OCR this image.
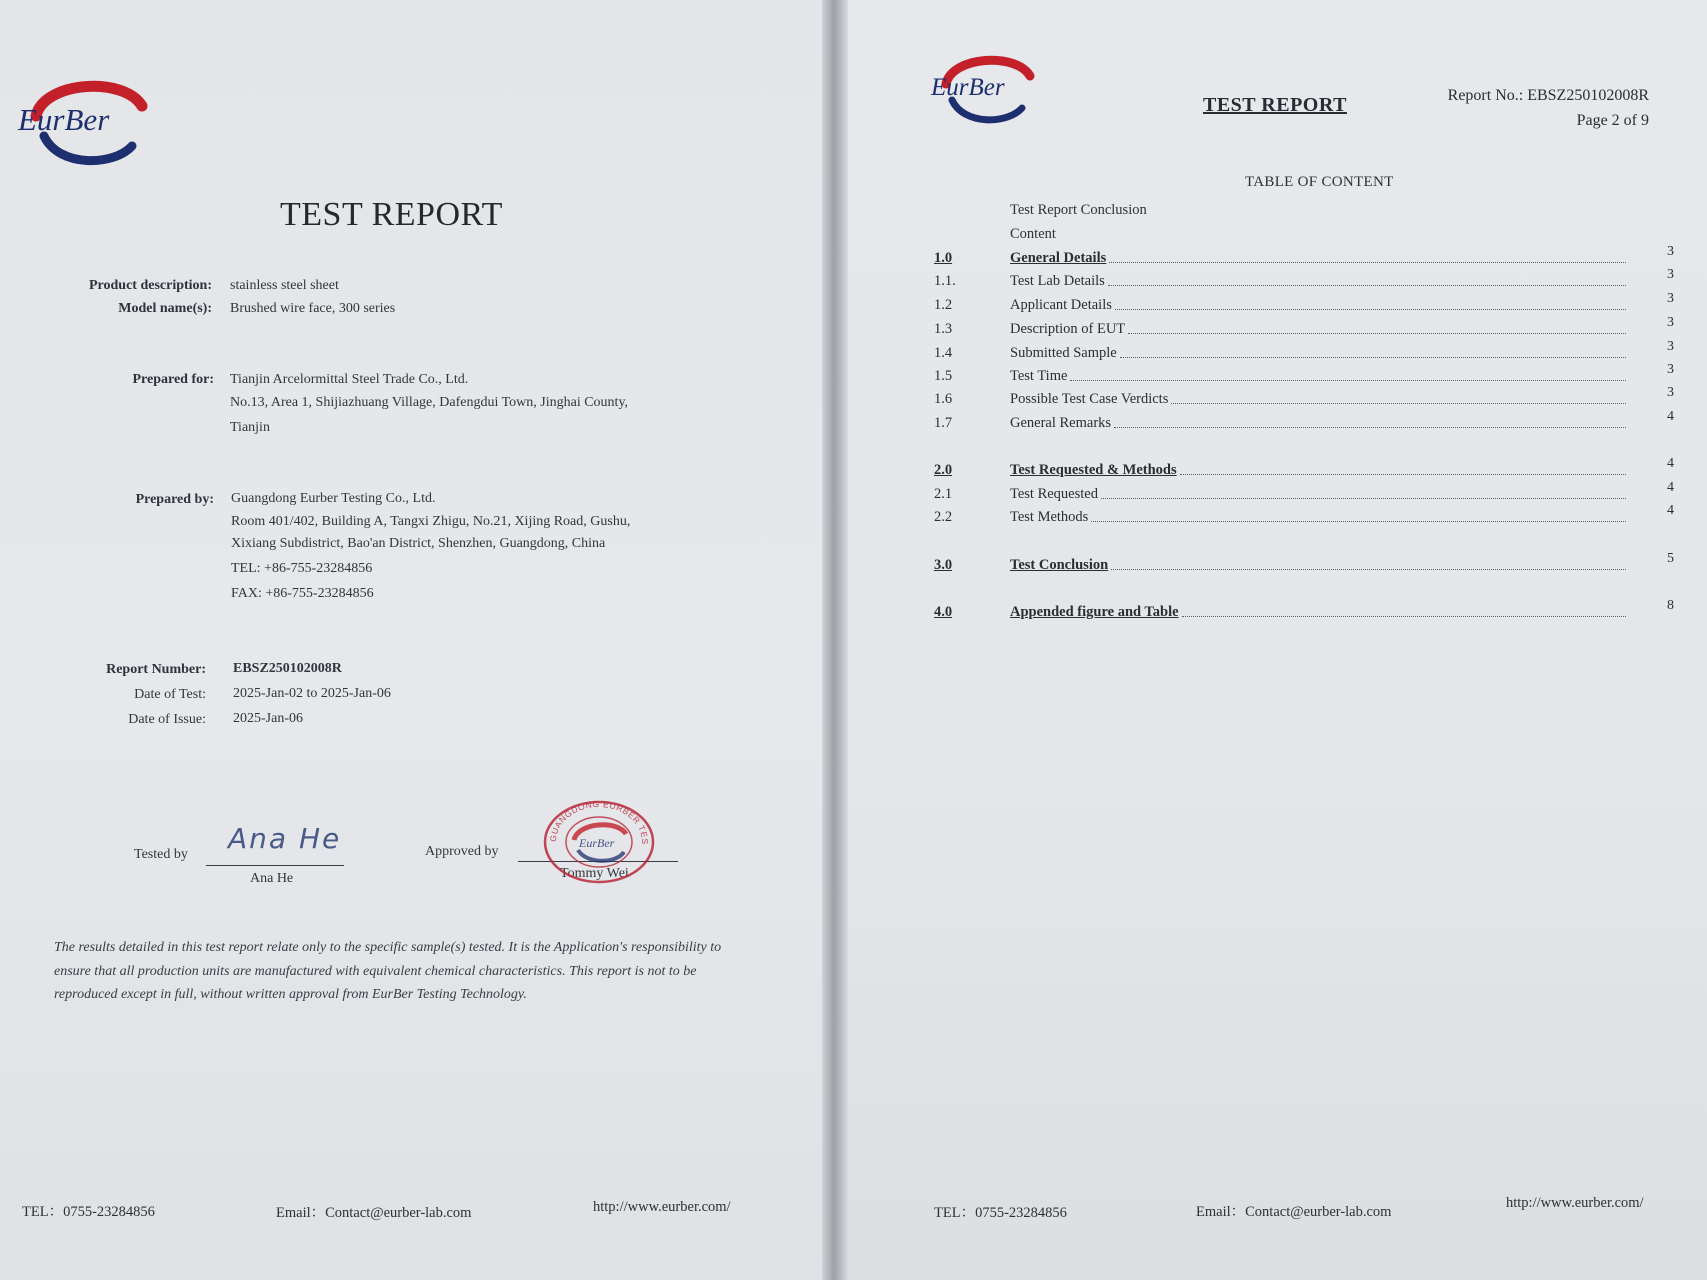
EurBer
TEST REPORT
Product description: stainless steel sheet
Model name(s): Brushed wire face, 300 series
Prepared for: Tianjin Arcelormittal Steel Trade Co., Ltd.
No.13, Area 1, Shijiazhuang Village, Dafengdui Town, Jinghai County,
Tianjin
Prepared by: Guangdong Eurber Testing Co., Ltd.
Room 401/402, Building A, Tangxi Zhigu, No.21, Xijing Road, Gushu,
Xixiang Subdistrict, Bao'an District, Shenzhen, Guangdong, China
TEL: +86-755-23284856
FAX: +86-755-23284856
Report Number: EBSZ250102008R
Date of Test: 2025-Jan-02 to 2025-Jan-06
Date of Issue: 2025-Jan-06
Tested by Ana He
Ana He
Approved by
Tommy Wei
GUANGDONG EURBER TES
EurBer
The results detailed in this test report relate only to the specific sample(s) tested. It is the Application's responsibility to ensure that all production units are manufactured with equivalent chemical characteristics. This report is not to be reproduced except in full, without written approval from EurBer Testing Technology.
TEL：0755-23284856	Email：Contact@eurber-lab.com	http://www.eurber.com/
EurBer
TEST REPORT	Report No.: EBSZ250102008R
Page 2 of 9
TABLE OF CONTENT
Test Report Conclusion
Content
1.0	General Details	3
1.1.	Test Lab Details	3
1.2	Applicant Details	3
1.3	Description of EUT	3
1.4	Submitted Sample	3
1.5	Test Time	3
1.6	Possible Test Case Verdicts	3
1.7	General Remarks	4
2.0	Test Requested & Methods	4
2.1	Test Requested	4
2.2	Test Methods	4
3.0	Test Conclusion	5
4.0	Appended figure and Table	8
TEL：0755-23284856	Email：Contact@eurber-lab.com
http://www.eurber.com/
